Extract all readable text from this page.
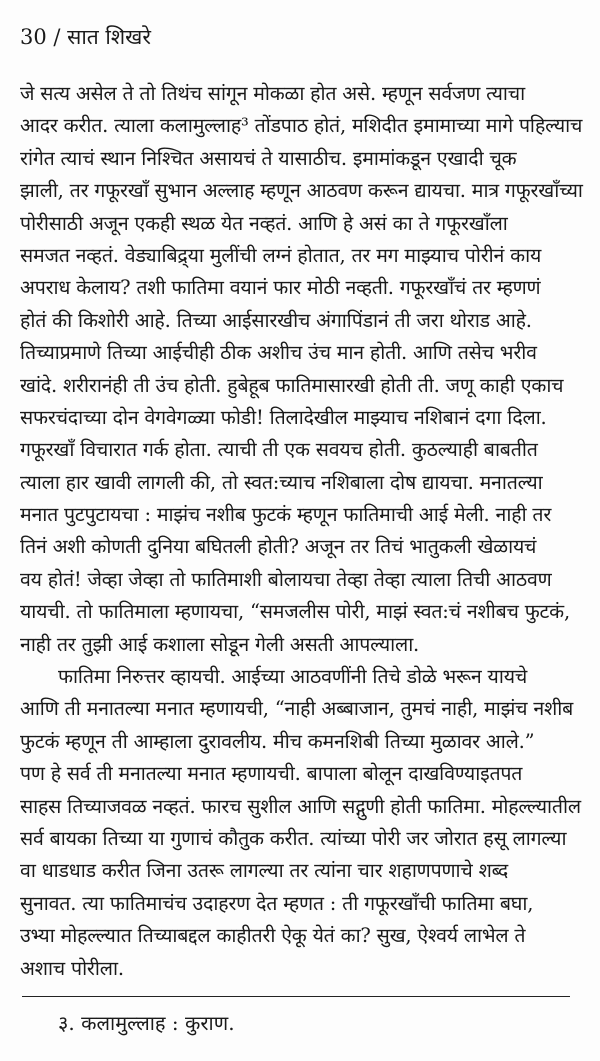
30 / सात शिखरे
जे सत्य असेल ते तो तिथंच सांगून मोकळा होत असे. म्हणून सर्वजण त्याचा
आदर करीत. त्याला कलामुल्लाह³ तोंडपाठ होतं, मशिदीत इमामाच्या मागे पहिल्याच
रांगेत त्याचं स्थान निश्चित असायचं ते यासाठीच. इमामांकडून एखादी चूक
झाली, तर गफूरखाँ सुभान अल्लाह म्हणून आठवण करून द्यायचा. मात्र गफूरखाँच्या
पोरीसाठी अजून एकही स्थळ येत नव्हतं. आणि हे असं का ते गफूरखाँला
समजत नव्हतं. वेड्याबिद्र्या मुलींची लग्नं होतात, तर मग माझ्याच पोरीनं काय
अपराध केलाय? तशी फातिमा वयानं फार मोठी नव्हती. गफूरखाँचं तर म्हणणं
होतं की किशोरी आहे. तिच्या आईसारखीच अंगापिंडानं ती जरा थोराड आहे.
तिच्याप्रमाणे तिच्या आईचीही ठीक अशीच उंच मान होती. आणि तसेच भरीव
खांदे. शरीरानंही ती उंच होती. हुबेहूब फातिमासारखी होती ती. जणू काही एकाच
सफरचंदाच्या दोन वेगवेगळ्या फोडी! तिलादेखील माझ्याच नशिबानं दगा दिला.
गफूरखाँ विचारात गर्क होता. त्याची ती एक सवयच होती. कुठल्याही बाबतीत
त्याला हार खावी लागली की, तो स्वत:च्याच नशिबाला दोष द्यायचा. मनातल्या
मनात पुटपुटायचा : माझंच नशीब फुटकं म्हणून फातिमाची आई मेली. नाही तर
तिनं अशी कोणती दुनिया बघितली होती? अजून तर तिचं भातुकली खेळायचं
वय होतं! जेव्हा जेव्हा तो फातिमाशी बोलायचा तेव्हा तेव्हा त्याला तिची आठवण
यायची. तो फातिमाला म्हणायचा, “समजलीस पोरी, माझं स्वत:चं नशीबच फुटकं,
नाही तर तुझी आई कशाला सोडून गेली असती आपल्याला.
फातिमा निरुत्तर व्हायची. आईच्या आठवणींनी तिचे डोळे भरून यायचे
आणि ती मनातल्या मनात म्हणायची, “नाही अब्बाजान, तुमचं नाही, माझंच नशीब
फुटकं म्हणून ती आम्हाला दुरावलीय. मीच कमनशिबी तिच्या मुळावर आले.”
पण हे सर्व ती मनातल्या मनात म्हणायची. बापाला बोलून दाखविण्याइतपत
साहस तिच्याजवळ नव्हतं. फारच सुशील आणि सद्गुणी होती फातिमा. मोहल्ल्यातील
सर्व बायका तिच्या या गुणाचं कौतुक करीत. त्यांच्या पोरी जर जोरात हसू लागल्या
वा धाडधाड करीत जिना उतरू लागल्या तर त्यांना चार शहाणपणाचे शब्द
सुनावत. त्या फातिमाचंच उदाहरण देत म्हणत : ती गफूरखाँची फातिमा बघा,
उभ्या मोहल्ल्यात तिच्याबद्दल काहीतरी ऐकू येतं का? सुख, ऐश्वर्य लाभेल ते
अशाच पोरीला.
३. कलामुल्लाह : कुराण.
